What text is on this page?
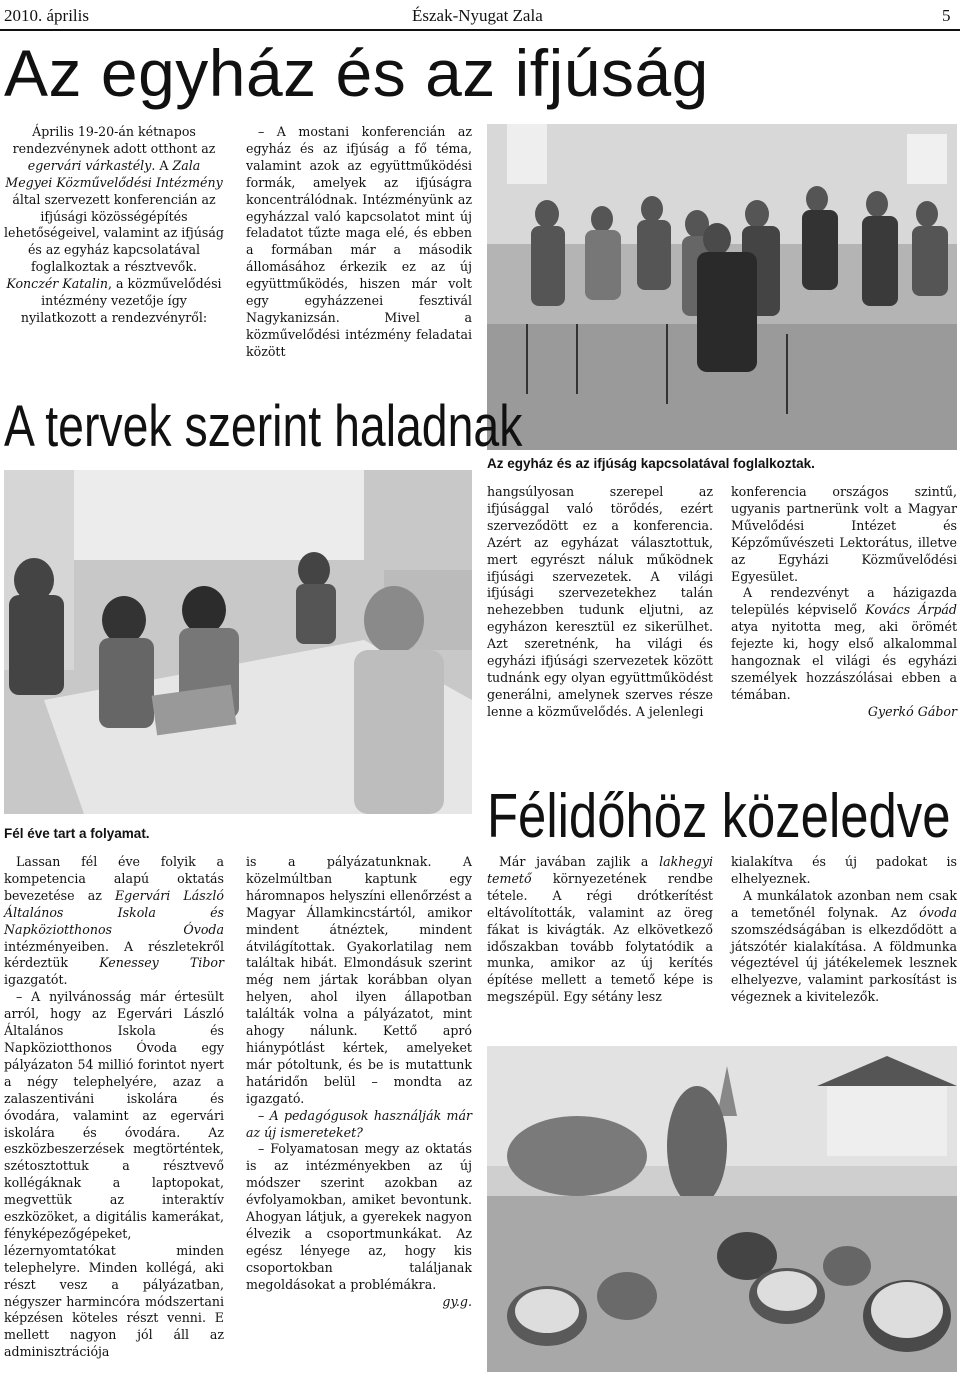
2010. április	Észak-Nyugat Zala	5
Az egyház és az ifjúság

Április 19-20-án kétnapos rendezvénynek adott otthont az egervári várkastély. A Zala Megyei Közművelődési Intézmény által szervezett konferencián az ifjúsági közösségépítés lehetőségeivel, valamint az ifjúság és az egyház kapcsolatával foglalkoztak a résztvevők.

Konczér Katalin, a közművelődési intézmény vezetője így nyilatkozott a rendezvényről:

– A mostani konferencián az egyház és az ifjúság a fő téma, valamint azok az együttműködési formák, amelyek az ifjúságra koncentrálódnak. Intézményünk az egyházzal való kapcsolatot mint új feladatot tűzte maga elé, és ebben a formában már a második állomásához érkezik ez az új együttműködés, hiszen már volt egy egyházzenei fesztivál Nagykanizsán. Mivel a közművelődési intézmény feladatai között

Az egyház és az ifjúság kapcsolatával foglalkoztak.
A tervek szerint haladnak

hangsúlyosan szerepel az ifjúsággal való törődés, ezért szerveződött ez a konferencia. Azért az egyházat választottuk, mert egyrészt náluk működnek ifjúsági szervezetek. A világi ifjúsági szervezetekhez talán nehezebben tudunk eljutni, az egyházon keresztül ez sikerülhet. Azt szeretnénk, ha világi és egyházi ifjúsági szervezetek között tudnánk egy olyan együttműködést generálni, amelynek szerves része lenne a közművelődés. A jelenlegi

konferencia országos szintű, ugyanis partnerünk volt a Magyar Művelődési Intézet és Képzőművészeti Lektorátus, illetve az Egyházi Közművelődési Egyesület.

A rendezvényt a házigazda település képviselő Kovács Árpád atya nyitotta meg, aki örömét fejezte ki, hogy első alkalommal hangoznak el világi és egyházi személyek hozzászólásai ebben a témában.

Gyerkó Gábor

Fél éve tart a folyamat.

Lassan fél éve folyik a kompetencia alapú oktatás bevezetése az Egervári László Általános Iskola és Napköziotthonos Óvoda intézményeiben. A részletekről kérdeztük Kenessey Tibor igazgatót.

– A nyilvánosság már értesült arról, hogy az Egervári László Általános Iskola és Napköziotthonos Óvoda egy pályázaton 54 millió forintot nyert a négy telephelyére, azaz a zalaszentiváni iskolára és óvodára, valamint az egervári iskolára és óvodára. Az eszközbeszerzések megtörténtek, szétosztottuk a résztvevő kollégáknak a laptopokat, megvettük az interaktív eszközöket, a digitális kamerákat, fényképezőgépeket, lézernyomtatókat minden telephelyre. Minden kollégá, aki részt vesz a pályázatban, négyszer harmincóra módszertani képzésen köteles részt venni. E mellett nagyon jól áll az adminisztrációja

is a pályázatunknak. A közelmúltban kaptunk egy háromnapos helyszíni ellenőrzést a Magyar Államkincstártól, amikor mindent átnéztek, mindent átvilágítottak. Gyakorlatilag nem találtak hibát. Elmondásuk szerint még nem jártak korábban olyan helyen, ahol ilyen állapotban találták volna a pályázatot, mint ahogy nálunk. Kettő apró hiánypótlást kértek, amelyeket már pótoltunk, és be is mutattunk határidőn belül – mondta az igazgató.

– A pedagógusok használják már az új ismereteket?

– Folyamatosan megy az oktatás is az intézményekben az új módszer szerint azokban az évfolyamokban, amiket bevontunk. Ahogyan látjuk, a gyerekek nagyon élvezik a csoportmunkákat. Az egész lényege az, hogy kis csoportokban találjanak megoldásokat a problémákra.

gy.g.

Félidőhöz közeledve

Már javában zajlik a lakhegyi temető környezetének rendbe tétele. A régi drótkerítést eltávolították, valamint az öreg fákat is kivágták. Az elkövetkező időszakban tovább folytatódik a munka, amikor az új kerítés építése mellett a temető képe is megszépül. Egy sétány lesz

kialakítva és új padokat is elhelyeznek.

A munkálatok azonban nem csak a temetőnél folynak. Az óvoda szomszédságában is elkezdődött a játszótér kialakítása. A földmunka végeztével új játékelemek lesznek elhelyezve, valamint parkosítást is végeznek a kivitelezők.
